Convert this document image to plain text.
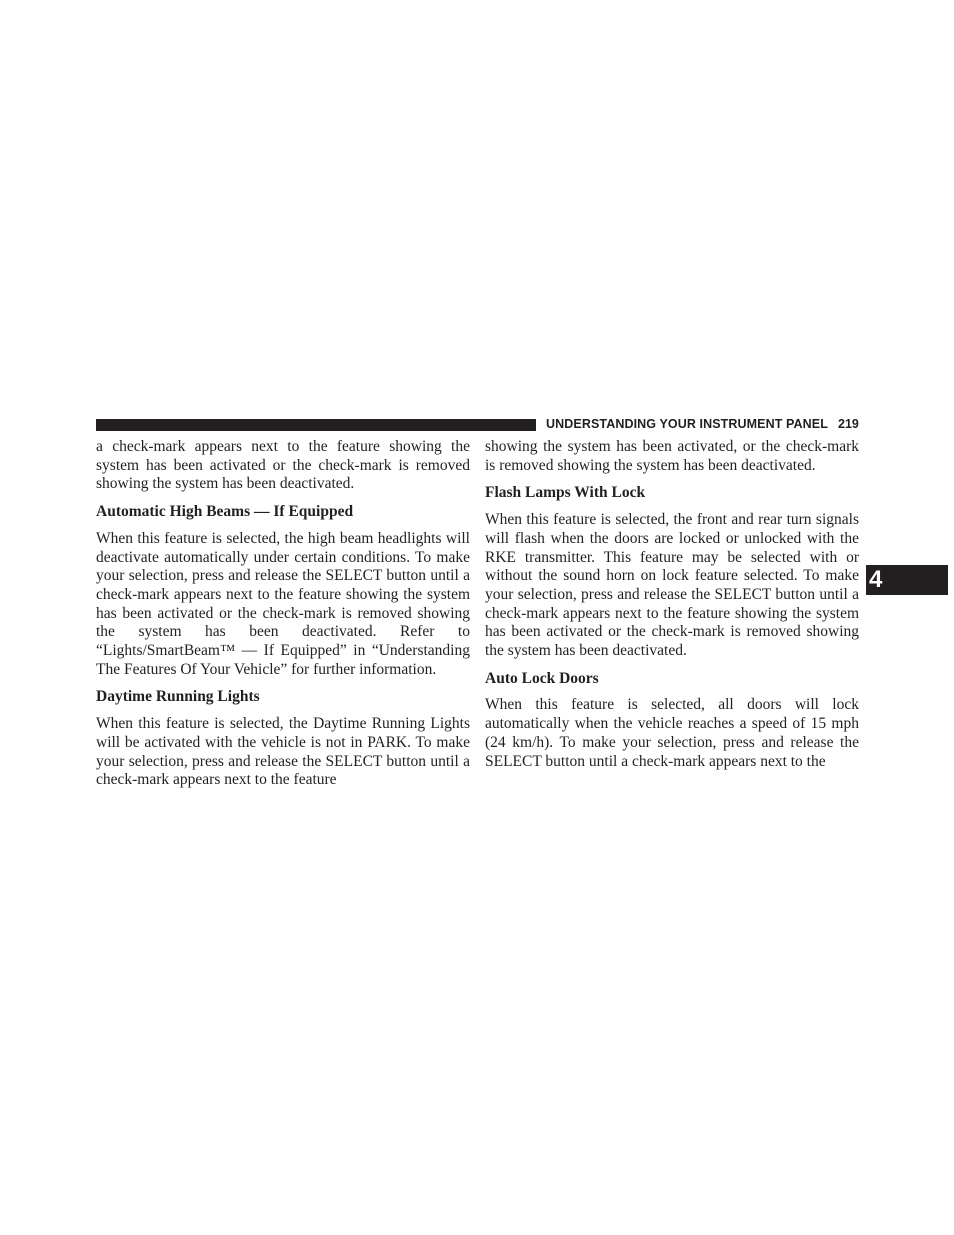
UNDERSTANDING YOUR INSTRUMENT PANEL 219
4

a check-mark appears next to the feature showing the system has been activated or the check-mark is removed showing the system has been deactivated.

Automatic High Beams — If Equipped

When this feature is selected, the high beam headlights will deactivate automatically under certain conditions. To make your selection, press and release the SELECT button until a check-mark appears next to the feature showing the system has been activated or the check-mark is removed showing the system has been deactivated. Refer to “Lights/SmartBeam™ — If Equipped” in “Understanding The Features Of Your Vehicle” for further information.

Daytime Running Lights

When this feature is selected, the Daytime Running Lights will be activated with the vehicle is not in PARK. To make your selection, press and release the SELECT button until a check-mark appears next to the feature

showing the system has been activated, or the check-mark is removed showing the system has been deactivated.

Flash Lamps With Lock

When this feature is selected, the front and rear turn signals will flash when the doors are locked or unlocked with the RKE transmitter. This feature may be selected with or without the sound horn on lock feature selected. To make your selection, press and release the SELECT button until a check-mark appears next to the feature showing the system has been activated or the check-mark is removed showing the system has been deactivated.

Auto Lock Doors

When this feature is selected, all doors will lock automatically when the vehicle reaches a speed of 15 mph (24 km/h). To make your selection, press and release the SELECT button until a check-mark appears next to the
